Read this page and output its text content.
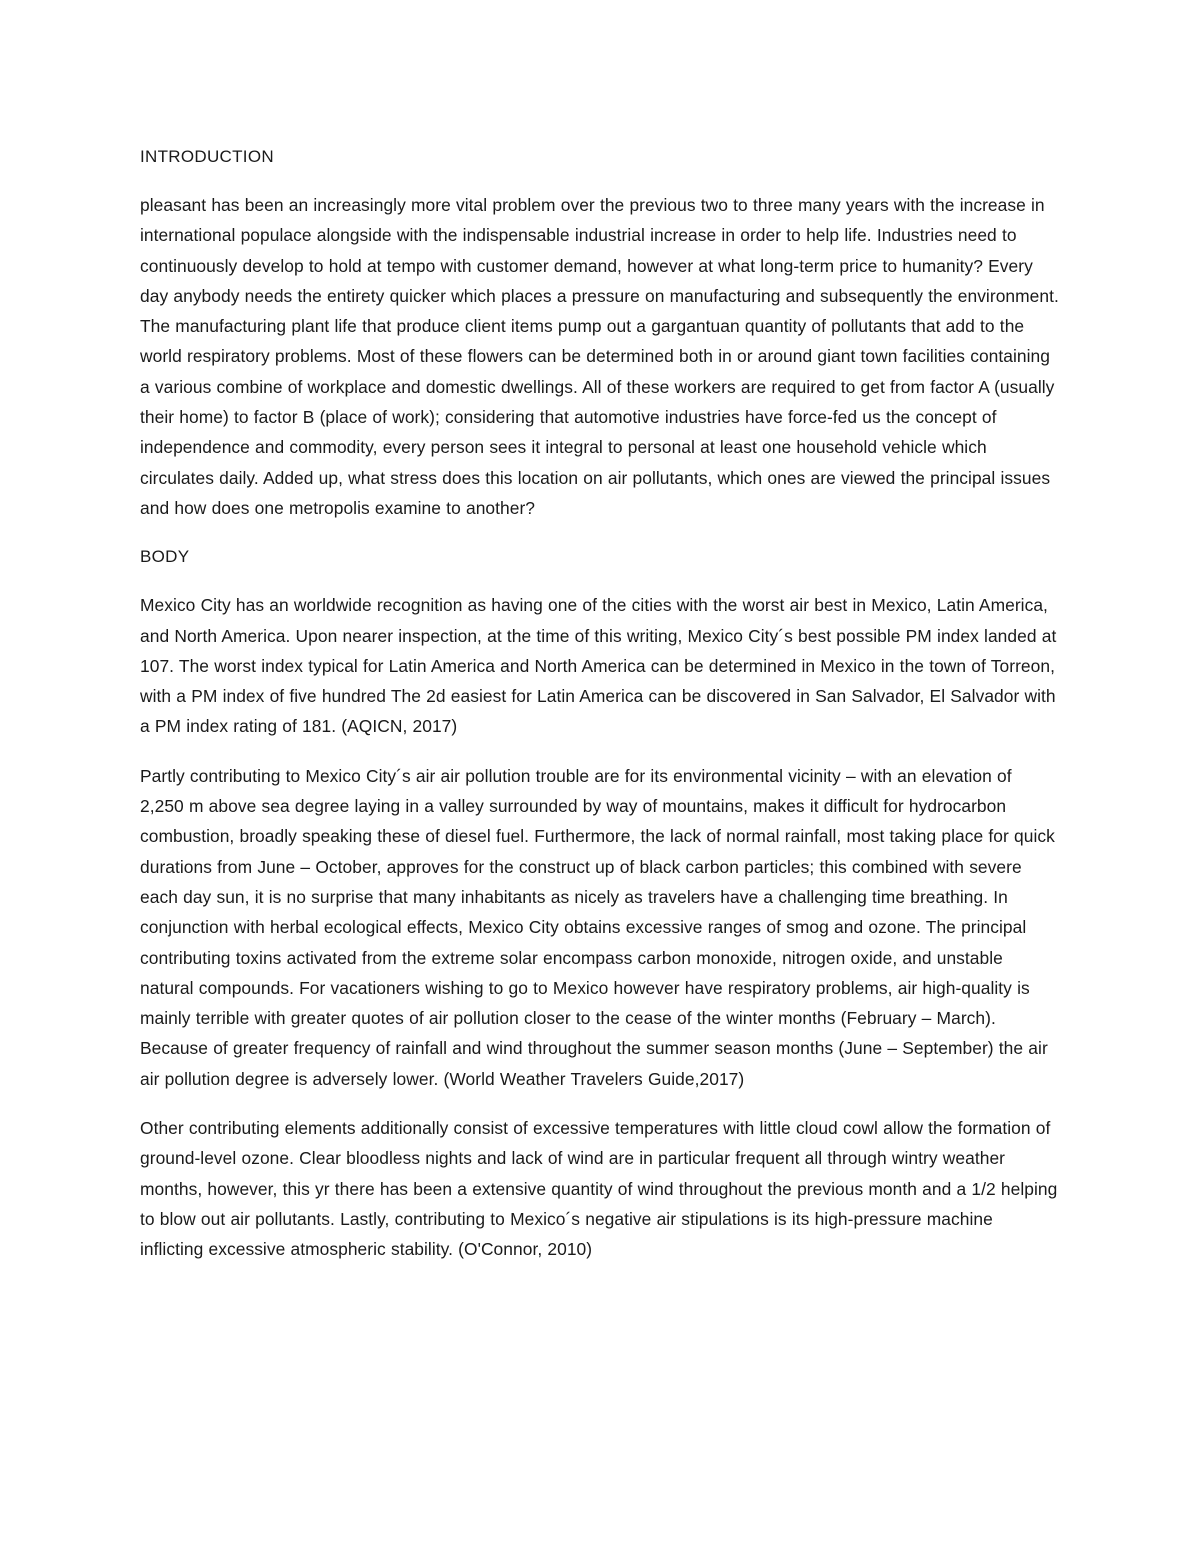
INTRODUCTION

pleasant has been an increasingly more vital problem over the previous two to three many years with the increase in international populace alongside with the indispensable industrial increase in order to help life. Industries need to continuously develop to hold at tempo with customer demand, however at what long-term price to humanity? Every day anybody needs the entirety quicker which places a pressure on manufacturing and subsequently the environment. The manufacturing plant life that produce client items pump out a gargantuan quantity of pollutants that add to the world respiratory problems. Most of these flowers can be determined both in or around giant town facilities containing a various combine of workplace and domestic dwellings. All of these workers are required to get from factor A (usually their home) to factor B (place of work); considering that automotive industries have force-fed us the concept of independence and commodity, every person sees it integral to personal at least one household vehicle which circulates daily. Added up, what stress does this location on air pollutants, which ones are viewed the principal issues and how does one metropolis examine to another?

BODY

Mexico City has an worldwide recognition as having one of the cities with the worst air best in Mexico, Latin America, and North America. Upon nearer inspection, at the time of this writing, Mexico City´s best possible PM index landed at 107. The worst index typical for Latin America and North America can be determined in Mexico in the town of Torreon, with a PM index of five hundred The 2d easiest for Latin America can be discovered in San Salvador, El Salvador with a PM index rating of 181. (AQICN, 2017)

Partly contributing to Mexico City´s air air pollution trouble are for its environmental vicinity – with an elevation of 2,250 m above sea degree laying in a valley surrounded by way of mountains, makes it difficult for hydrocarbon combustion, broadly speaking these of diesel fuel. Furthermore, the lack of normal rainfall, most taking place for quick durations from June – October, approves for the construct up of black carbon particles; this combined with severe each day sun, it is no surprise that many inhabitants as nicely as travelers have a challenging time breathing. In conjunction with herbal ecological effects, Mexico City obtains excessive ranges of smog and ozone. The principal contributing toxins activated from the extreme solar encompass carbon monoxide, nitrogen oxide, and unstable natural compounds. For vacationers wishing to go to Mexico however have respiratory problems, air high-quality is mainly terrible with greater quotes of air pollution closer to the cease of the winter months (February – March). Because of greater frequency of rainfall and wind throughout the summer season months (June – September) the air air pollution degree is adversely lower. (World Weather Travelers Guide,2017)

Other contributing elements additionally consist of excessive temperatures with little cloud cowl allow the formation of ground-level ozone. Clear bloodless nights and lack of wind are in particular frequent all through wintry weather months, however, this yr there has been a extensive quantity of wind throughout the previous month and a 1/2 helping to blow out air pollutants. Lastly, contributing to Mexico´s negative air stipulations is its high-pressure machine inflicting excessive atmospheric stability. (O'Connor, 2010)
